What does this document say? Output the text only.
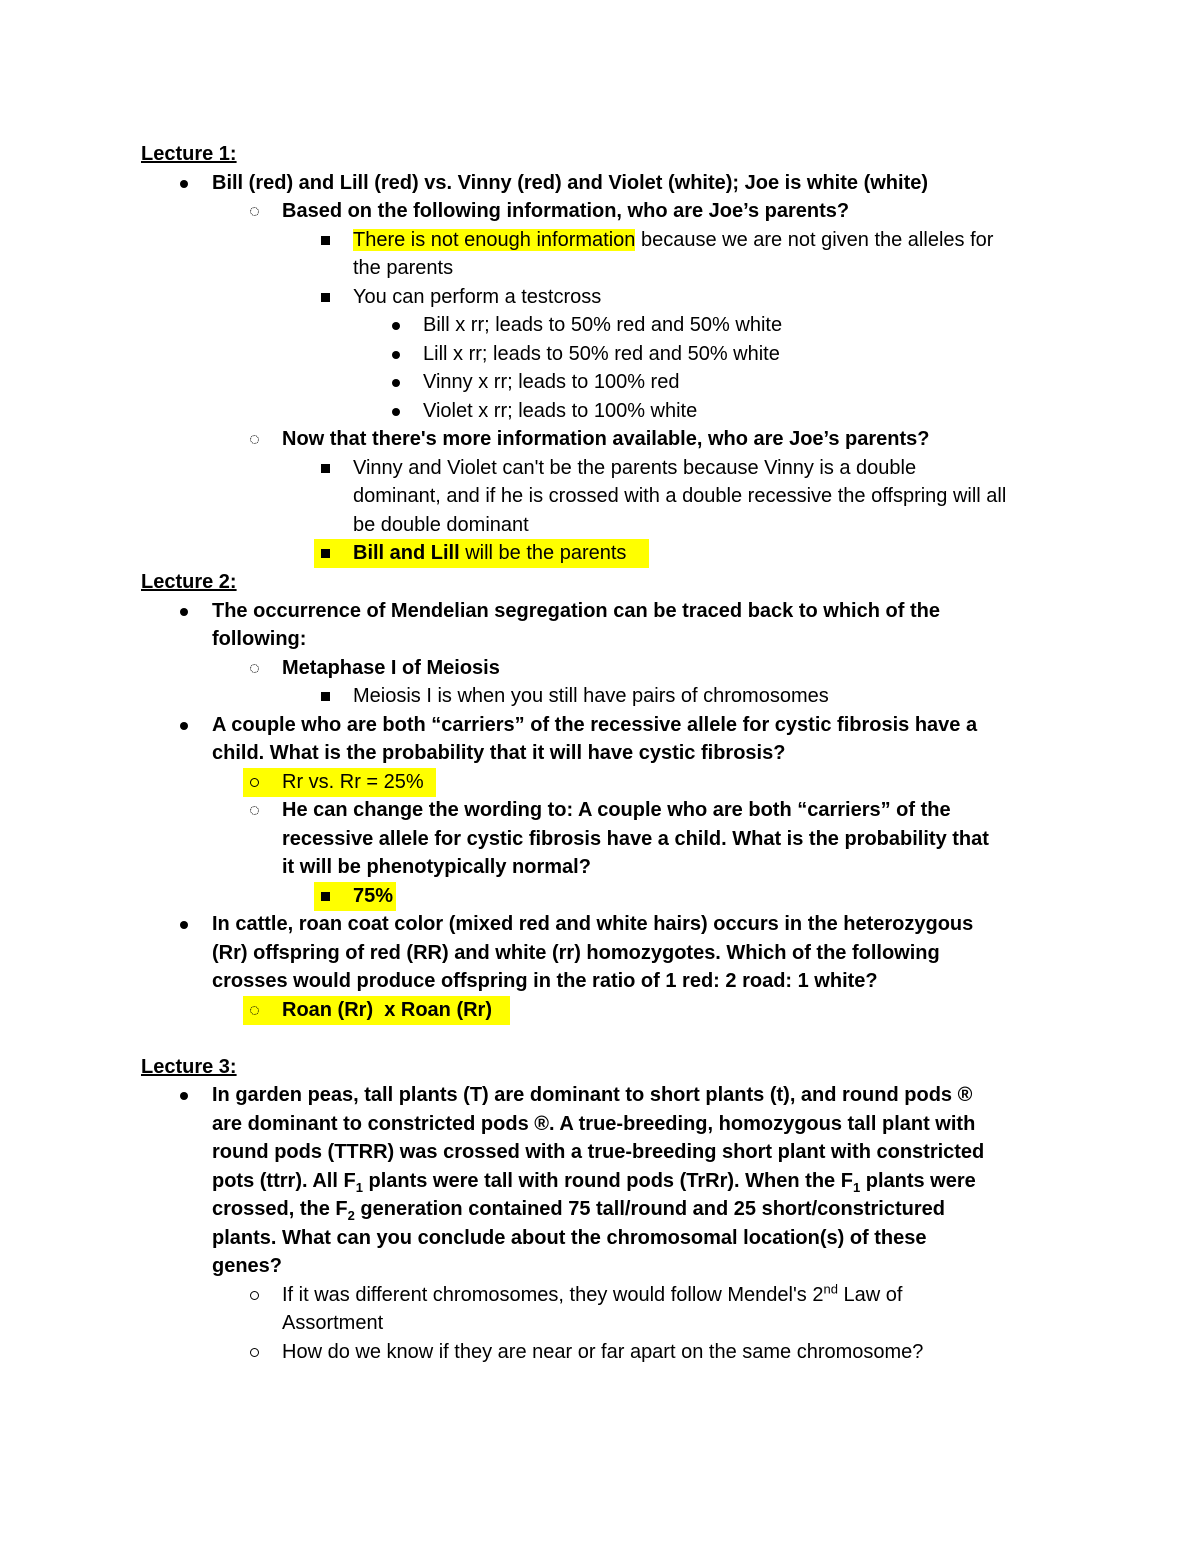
Lecture 1:
Bill (red) and Lill (red) vs. Vinny (red) and Violet (white); Joe is white (white)
Based on the following information, who are Joe’s parents?
There is not enough information because we are not given the alleles for
the parents
You can perform a testcross
Bill x rr; leads to 50% red and 50% white
Lill x rr; leads to 50% red and 50% white
Vinny x rr; leads to 100% red
Violet x rr; leads to 100% white
Now that there's more information available, who are Joe’s parents?
Vinny and Violet can't be the parents because Vinny is a double
dominant, and if he is crossed with a double recessive the offspring will all
be double dominant
Bill and Lill will be the parents
Lecture 2:
The occurrence of Mendelian segregation can be traced back to which of the
following:
Metaphase I of Meiosis
Meiosis I is when you still have pairs of chromosomes
A couple who are both “carriers” of the recessive allele for cystic fibrosis have a
child. What is the probability that it will have cystic fibrosis?
Rr vs. Rr = 25%
He can change the wording to: A couple who are both “carriers” of the
recessive allele for cystic fibrosis have a child. What is the probability that
it will be phenotypically normal?
75%
In cattle, roan coat color (mixed red and white hairs) occurs in the heterozygous
(Rr) offspring of red (RR) and white (rr) homozygotes. Which of the following
crosses would produce offspring in the ratio of 1 red: 2 road: 1 white?
Roan (Rr)  x Roan (Rr)
Lecture 3:
In garden peas, tall plants (T) are dominant to short plants (t), and round pods ®
are dominant to constricted pods ®. A true-breeding, homozygous tall plant with
round pods (TTRR) was crossed with a true-breeding short plant with constricted
pots (ttrr). All $F_1$ plants were tall with round pods (TrRr). When the $F_1$ plants were
crossed, the $F_2$ generation contained 75 tall/round and 25 short/constrictured
plants. What can you conclude about the chromosomal location(s) of these
genes?
If it was different chromosomes, they would follow Mendel's 2nd Law of
Assortment
How do we know if they are near or far apart on the same chromosome?
